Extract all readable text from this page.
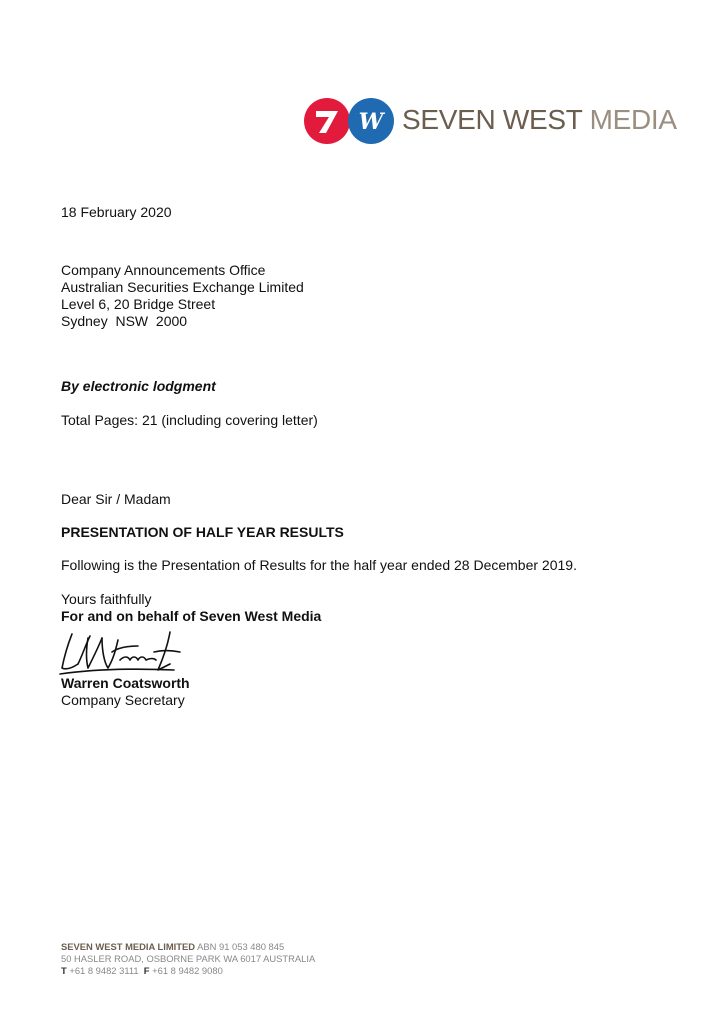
W SEVEN WEST MEDIA
18 February 2020
Company Announcements Office
Australian Securities Exchange Limited
Level 6, 20 Bridge Street
Sydney  NSW  2000
By electronic lodgment
Total Pages: 21 (including covering letter)
Dear Sir / Madam
PRESENTATION OF HALF YEAR RESULTS
Following is the Presentation of Results for the half year ended 28 December 2019.
Yours faithfully
For and on behalf of Seven West Media
Warren Coatsworth
Company Secretary
SEVEN WEST MEDIA LIMITED ABN 91 053 480 845
50 HASLER ROAD, OSBORNE PARK WA 6017 AUSTRALIA
T +61 8 9482 3111  F +61 8 9482 9080
